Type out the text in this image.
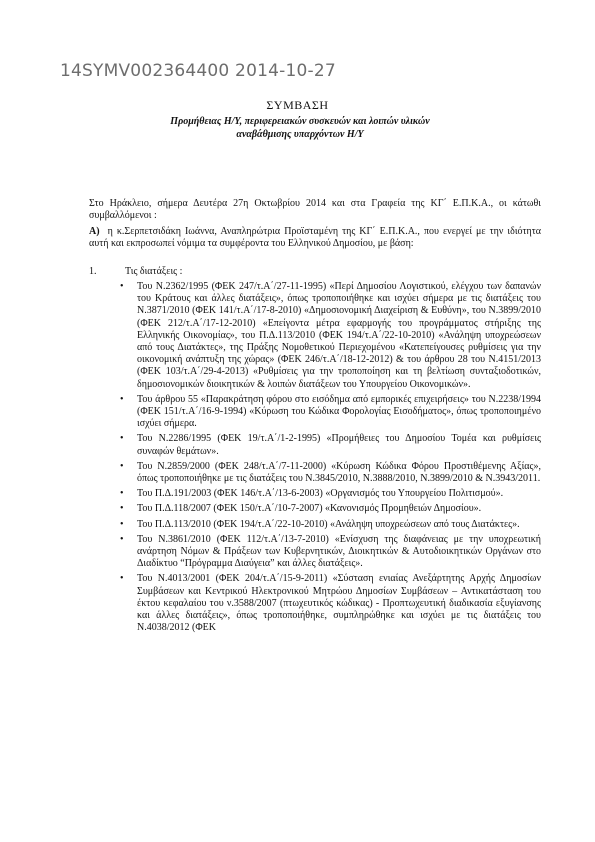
14SYMV002364400 2014-10-27
ΣΥΜΒΑΣΗ
Προμήθειας Η/Υ, περιφερειακών συσκευών και λοιπών υλικών αναβάθμισης υπαρχόντων Η/Υ
Στο Ηράκλειο, σήμερα Δευτέρα 27η Οκτωβρίου 2014 και στα Γραφεία της ΚΓ΄ Ε.Π.Κ.Α., οι κάτωθι συμβαλλόμενοι :
Α) η κ.Σερπετσιδάκη Ιωάννα, Αναπληρώτρια Προϊσταμένη της ΚΓ΄ Ε.Π.Κ.Α., που ενεργεί με την ιδιότητα αυτή και εκπροσωπεί νόμιμα τα συμφέροντα του Ελληνικού Δημοσίου, με βάση:
1.	Τις διατάξεις :
• Του Ν.2362/1995 (ΦΕΚ 247/τ.Α΄/27-11-1995) «Περί Δημοσίου Λογιστικού, ελέγχου των δαπανών του Κράτους και άλλες διατάξεις», όπως τροποποιήθηκε και ισχύει σήμερα με τις διατάξεις του Ν.3871/2010 (ΦΕΚ 141/τ.Α΄/17-8-2010) «Δημοσιονομική Διαχείριση & Ευθύνη», του Ν.3899/2010 (ΦΕΚ 212/τ.Α΄/17-12-2010) «Επείγοντα μέτρα εφαρμογής του προγράμματος στήριξης της Ελληνικής Οικονομίας», του Π.Δ.113/2010 (ΦΕΚ 194/τ.Α΄/22-10-2010) «Ανάληψη υποχρεώσεων από τους Διατάκτες», της Πράξης Νομοθετικού Περιεχομένου «Κατεπείγουσες ρυθμίσεις για την οικονομική ανάπτυξη της χώρας» (ΦΕΚ 246/τ.Α΄/18-12-2012) & του άρθρου 28 του Ν.4151/2013 (ΦΕΚ 103/τ.Α΄/29-4-2013) «Ρυθμίσεις για την τροποποίηση και τη βελτίωση συνταξιοδοτικών, δημοσιονομικών διοικητικών & λοιπών διατάξεων του Υπουργείου Οικονομικών».
• Του άρθρου 55 «Παρακράτηση φόρου στο εισόδημα από εμπορικές επιχειρήσεις» του Ν.2238/1994 (ΦΕΚ 151/τ.Α΄/16-9-1994) «Κύρωση του Κώδικα Φορολογίας Εισοδήματος», όπως τροποποιημένο ισχύει σήμερα.
• Του Ν.2286/1995 (ΦΕΚ 19/τ.Α΄/1-2-1995) «Προμήθειες του Δημοσίου Τομέα και ρυθμίσεις συναφών θεμάτων».
• Του Ν.2859/2000 (ΦΕΚ 248/τ.Α΄/7-11-2000) «Κύρωση Κώδικα Φόρου Προστιθέμενης Αξίας», όπως τροποποιήθηκε με τις διατάξεις του Ν.3845/2010, Ν.3888/2010, Ν.3899/2010 & Ν.3943/2011.
• Του Π.Δ.191/2003 (ΦΕΚ 146/τ.Α΄/13-6-2003) «Οργανισμός του Υπουργείου Πολιτισμού».
• Του Π.Δ.118/2007 (ΦΕΚ 150/τ.Α΄/10-7-2007) «Κανονισμός Προμηθειών Δημοσίου».
• Του Π.Δ.113/2010 (ΦΕΚ 194/τ.Α΄/22-10-2010) «Ανάληψη υποχρεώσεων από τους Διατάκτες».
• Του Ν.3861/2010 (ΦΕΚ 112/τ.Α΄/13-7-2010) «Ενίσχυση της διαφάνειας με την υποχρεωτική ανάρτηση Νόμων & Πράξεων των Κυβερνητικών, Διοικητικών & Αυτοδιοικητικών Οργάνων στο Διαδίκτυο “Πρόγραμμα Διαύγεια” και άλλες διατάξεις».
• Του Ν.4013/2001 (ΦΕΚ 204/τ.Α΄/15-9-2011) «Σύσταση ενιαίας Ανεξάρτητης Αρχής Δημοσίων Συμβάσεων και Κεντρικού Ηλεκτρονικού Μητρώου Δημοσίων Συμβάσεων – Αντικατάσταση του έκτου κεφαλαίου του ν.3588/2007 (πτωχευτικός κώδικας) - Προπτωχευτική διαδικασία εξυγίανσης και άλλες διατάξεις», όπως τροποποιήθηκε, συμπληρώθηκε και ισχύει με τις διατάξεις του Ν.4038/2012 (ΦΕΚ
